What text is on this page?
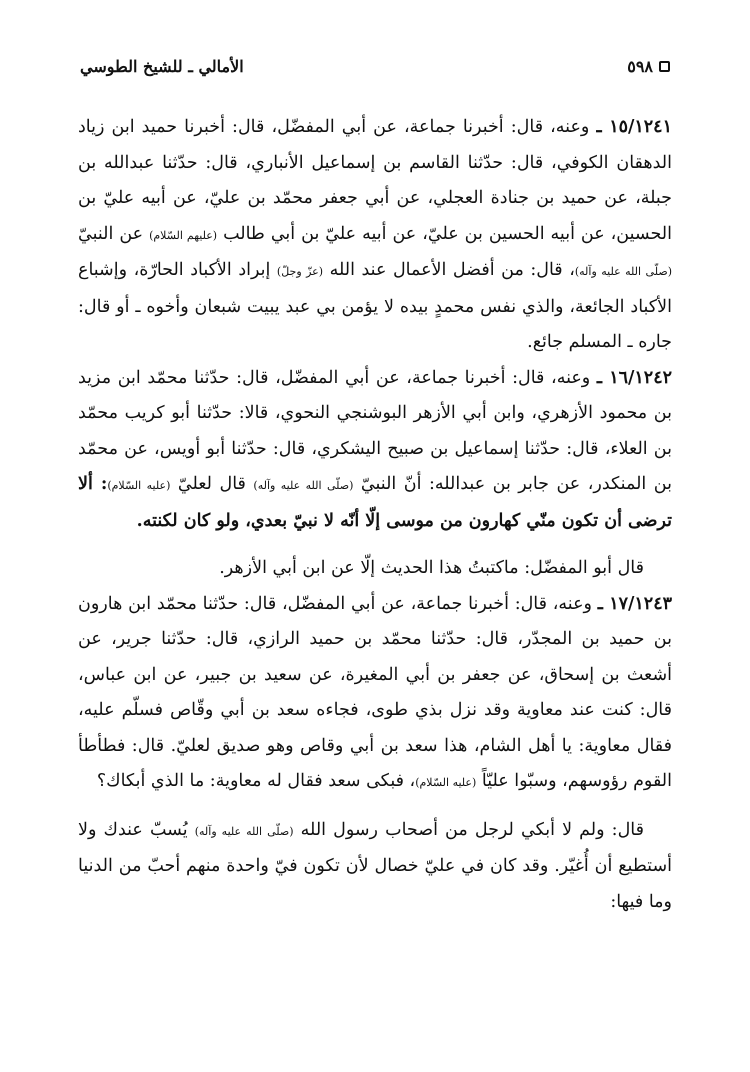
٥٩٨
الأمالي ـ للشيخ الطوسي

١٥/١٢٤١ ـ وعنه، قال: أخبرنا جماعة، عن أبي المفضّل، قال: أخبرنا حميد ابن زياد الدهقان الكوفي، قال: حدّثنا القاسم بن إسماعيل الأنباري، قال: حدّثنا عبدالله بن جبلة، عن حميد بن جنادة العجلي، عن أبي جعفر محمّد بن عليّ، عن أبيه عليّ بن الحسين، عن أبيه الحسين بن عليّ، عن أبيه عليّ بن أبي طالب (عليهم السّلام) عن النبيّ (صلّى الله عليه وآله)، قال: من أفضل الأعمال عند الله (عزّ وجلّ) إبراد الأكباد الحارّة، وإشباع الأكباد الجائعة، والذي نفس محمدٍ بيده لا يؤمن بي عبد يبيت شبعان وأخوه ـ أو قال: جاره ـ المسلم جائع.

١٦/١٢٤٢ ـ وعنه، قال: أخبرنا جماعة، عن أبي المفضّل، قال: حدّثنا محمّد ابن مزيد بن محمود الأزهري، وابن أبي الأزهر البوشنجي النحوي، قالا: حدّثنا أبو كريب محمّد بن العلاء، قال: حدّثنا إسماعيل بن صبيح اليشكري، قال: حدّثنا أبو أويس، عن محمّد بن المنكدر، عن جابر بن عبدالله: أنّ النبيّ (صلّى الله عليه وآله) قال لعليّ (عليه السّلام): ألا ترضى أن تكون منّي كهارون من موسى إلّا أنّه لا نبيّ بعدي، ولو كان لكنته.

قال أبو المفضّل: ماكتبتُ هذا الحديث إلّا عن ابن أبي الأزهر.

١٧/١٢٤٣ ـ وعنه، قال: أخبرنا جماعة، عن أبي المفضّل، قال: حدّثنا محمّد ابن هارون بن حميد بن المجدّر، قال: حدّثنا محمّد بن حميد الرازي، قال: حدّثنا جرير، عن أشعث بن إسحاق، عن جعفر بن أبي المغيرة، عن سعيد بن جبير، عن ابن عباس، قال: كنت عند معاوية وقد نزل بذي طوى، فجاءه سعد بن أبي وقّاص فسلّم عليه، فقال معاوية: يا أهل الشام، هذا سعد بن أبي وقاص وهو صديق لعليّ. قال: فطأطأ القوم رؤوسهم، وسبّوا عليّاً (عليه السّلام)، فبكى سعد فقال له معاوية: ما الذي أبكاك؟

قال: ولم لا أبكي لرجل من أصحاب رسول الله (صلّى الله عليه وآله) يُسبّ عندك ولا أستطيع أن أُغيّر. وقد كان في عليّ خصال لأن تكون فيّ واحدة منهم أحبّ من الدنيا وما فيها:
